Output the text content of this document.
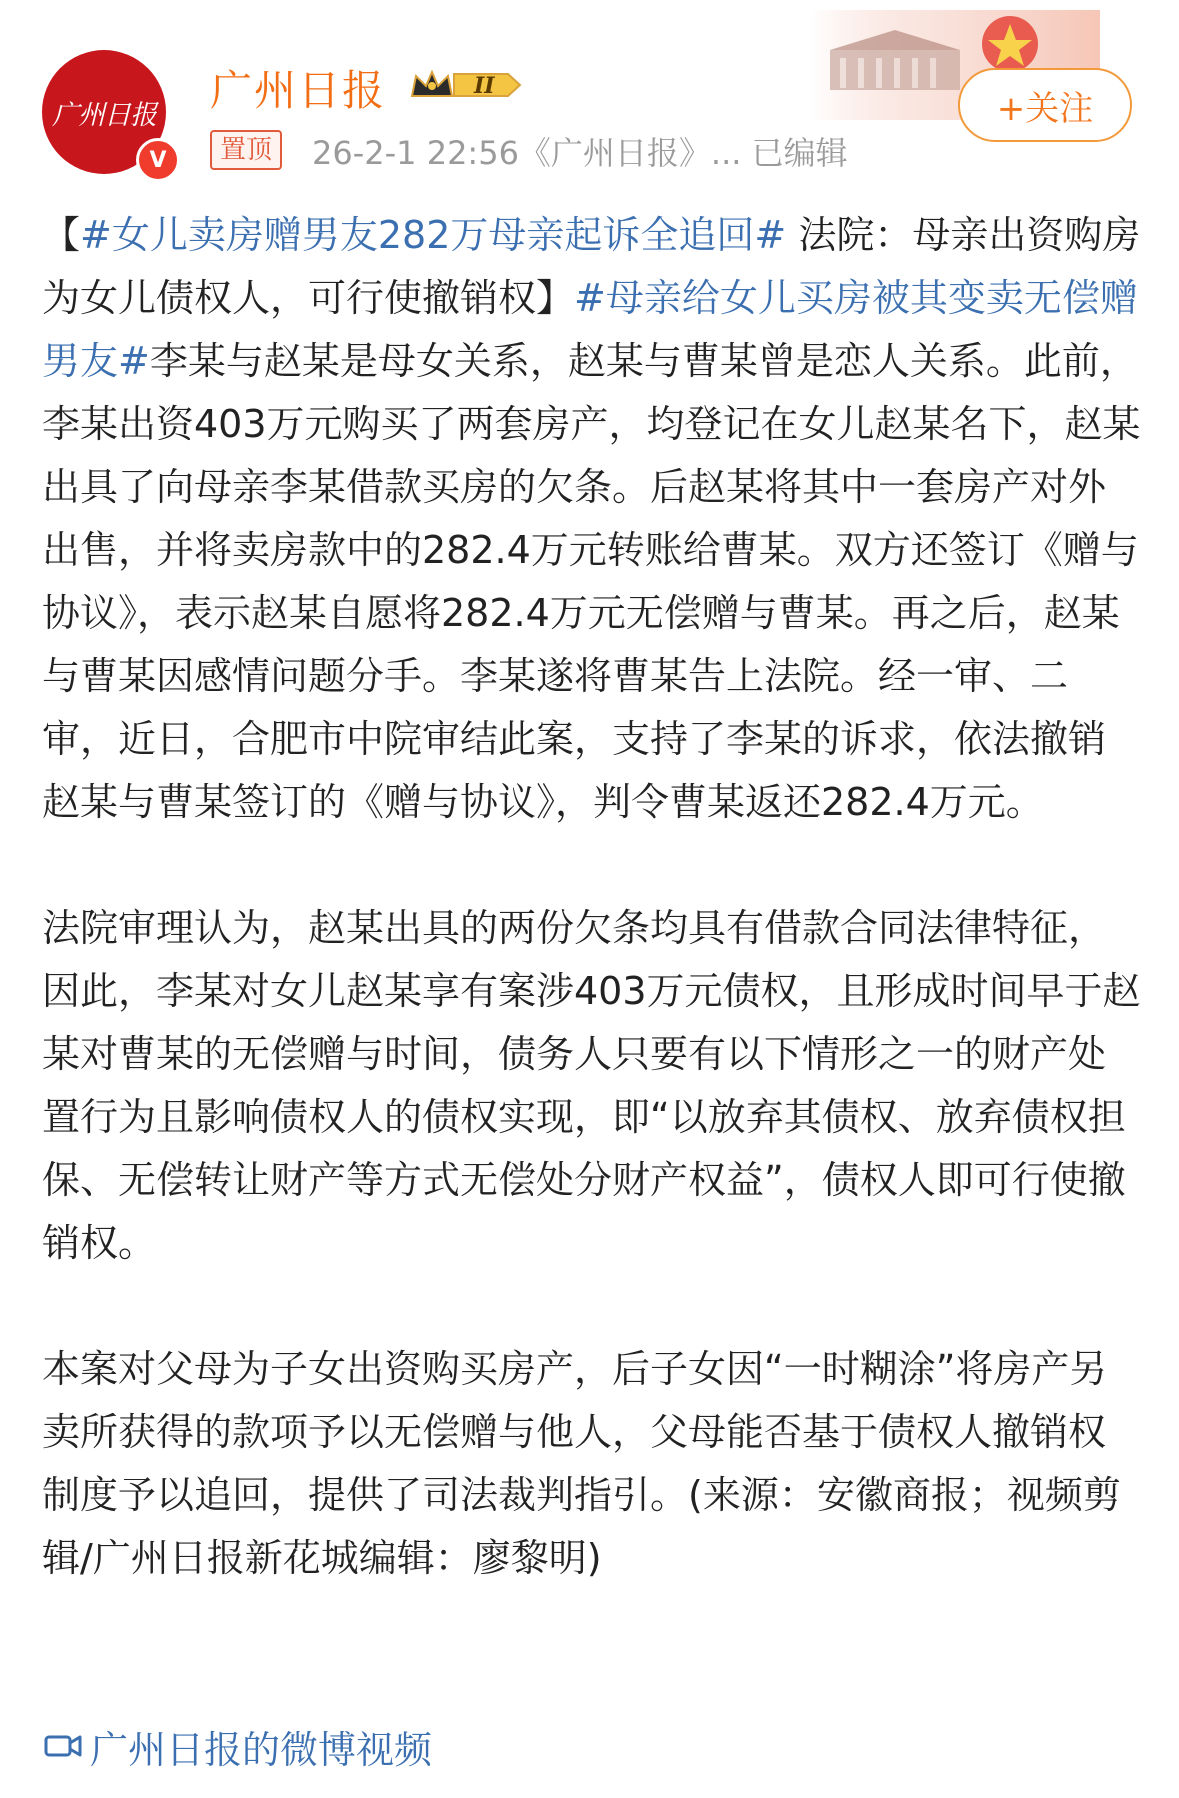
广州日报
V
广州日报	II
置顶	26-2-1 22:56《广州日报》... 已编辑
+关注

【#女儿卖房赠男友282万母亲起诉全追回# 法院：母亲出资购房为女儿债权人，可行使撤销权】#母亲给女儿买房被其变卖无偿赠男友#李某与赵某是母女关系，赵某与曹某曾是恋人关系。此前，李某出资403万元购买了两套房产，均登记在女儿赵某名下，赵某出具了向母亲李某借款买房的欠条。后赵某将其中一套房产对外出售，并将卖房款中的282.4万元转账给曹某。双方还签订《赠与协议》，表示赵某自愿将282.4万元无偿赠与曹某。再之后，赵某与曹某因感情问题分手。李某遂将曹某告上法院。经一审、二审，近日，合肥市中院审结此案，支持了李某的诉求，依法撤销赵某与曹某签订的《赠与协议》，判令曹某返还282.4万元。

法院审理认为，赵某出具的两份欠条均具有借款合同法律特征，因此，李某对女儿赵某享有案涉403万元债权，且形成时间早于赵某对曹某的无偿赠与时间，债务人只要有以下情形之一的财产处置行为且影响债权人的债权实现，即“以放弃其债权、放弃债权担保、无偿转让财产等方式无偿处分财产权益”，债权人即可行使撤销权。

本案对父母为子女出资购买房产，后子女因“一时糊涂”将房产另卖所获得的款项予以无偿赠与他人，父母能否基于债权人撤销权制度予以追回，提供了司法裁判指引。(来源：安徽商报；视频剪辑/广州日报新花城编辑：廖黎明)

广州日报的微博视频
